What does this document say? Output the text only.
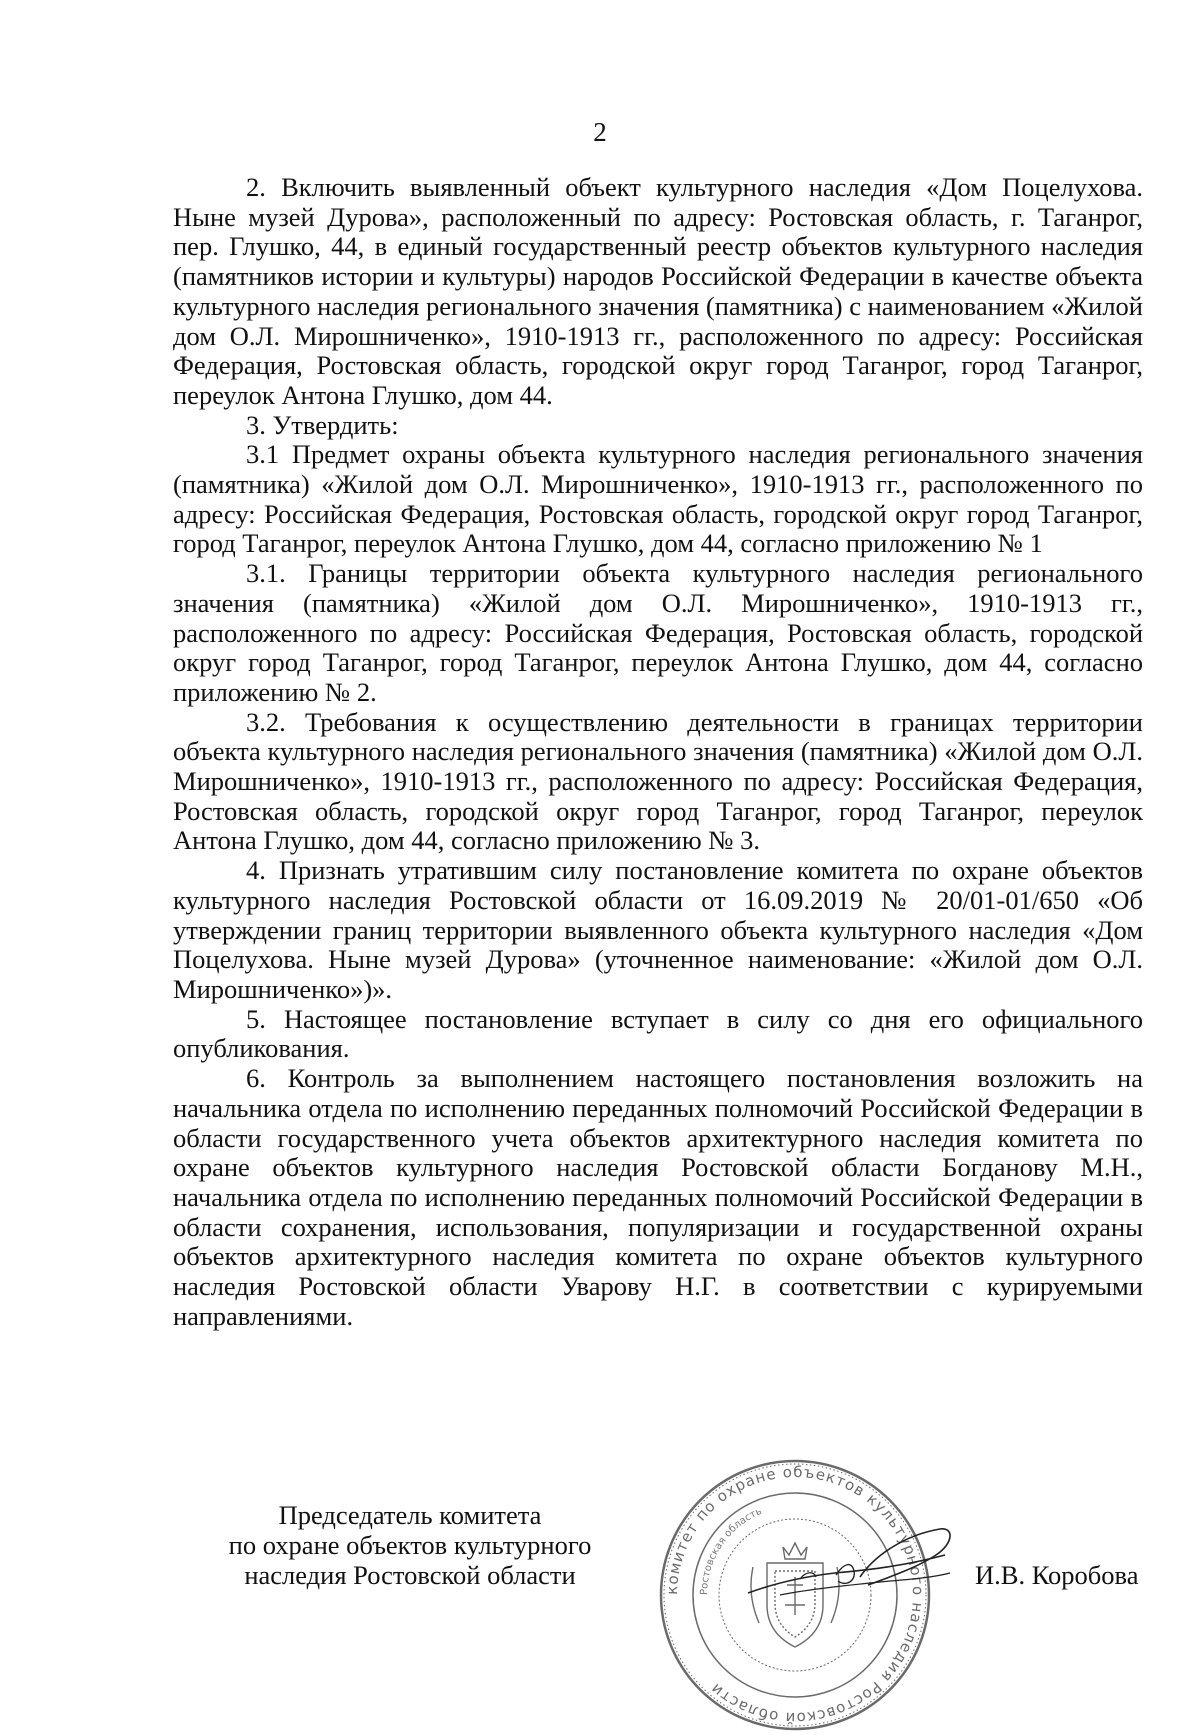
2

2. Включить выявленный объект культурного наследия «Дом Поцелухова. Ныне музей Дурова», расположенный по адресу: Ростовская область, г. Таганрог, пер. Глушко, 44, в единый государственный реестр объектов культурного наследия (памятников истории и культуры) народов Российской Федерации в качестве объекта культурного наследия регионального значения (памятника) с наименованием «Жилой дом О.Л. Мирошниченко», 1910-1913 гг., расположенного по адресу: Российская Федерация, Ростовская область, городской округ город Таганрог, город Таганрог, переулок Антона Глушко, дом 44.

3. Утвердить:

3.1 Предмет охраны объекта культурного наследия регионального значения (памятника) «Жилой дом О.Л. Мирошниченко», 1910-1913 гг., расположенного по адресу: Российская Федерация, Ростовская область, городской округ город Таганрог, город Таганрог, переулок Антона Глушко, дом 44, согласно приложению № 1

3.1. Границы территории объекта культурного наследия регионального значения (памятника) «Жилой дом О.Л. Мирошниченко», 1910-1913 гг., расположенного по адресу: Российская Федерация, Ростовская область, городской округ город Таганрог, город Таганрог, переулок Антона Глушко, дом 44, согласно приложению № 2.

3.2. Требования к осуществлению деятельности в границах территории объекта культурного наследия регионального значения (памятника) «Жилой дом О.Л. Мирошниченко», 1910-1913 гг., расположенного по адресу: Российская Федерация, Ростовская область, городской округ город Таганрог, город Таганрог, переулок Антона Глушко, дом 44, согласно приложению № 3.

4. Признать утратившим силу постановление комитета по охране объектов культурного наследия Ростовской области от 16.09.2019 № 20/01-01/650 «Об утверждении границ территории выявленного объекта культурного наследия «Дом Поцелухова. Ныне музей Дурова» (уточненное наименование: «Жилой дом О.Л. Мирошниченко»)».

5. Настоящее постановление вступает в силу со дня его официального опубликования.

6. Контроль за выполнением настоящего постановления возложить на начальника отдела по исполнению переданных полномочий Российской Федерации в области государственного учета объектов архитектурного наследия комитета по охране объектов культурного наследия Ростовской области Богданову М.Н., начальника отдела по исполнению переданных полномочий Российской Федерации в области сохранения, использования, популяризации и государственной охраны объектов архитектурного наследия комитета по охране объектов культурного наследия Ростовской области Уварову Н.Г. в соответствии с курируемыми направлениями.

Председатель комитета
по охране объектов культурного
наследия Ростовской области	комитет по охране объектов культурного наследия Ростовской области
Ростовская область
И.В. Коробова
